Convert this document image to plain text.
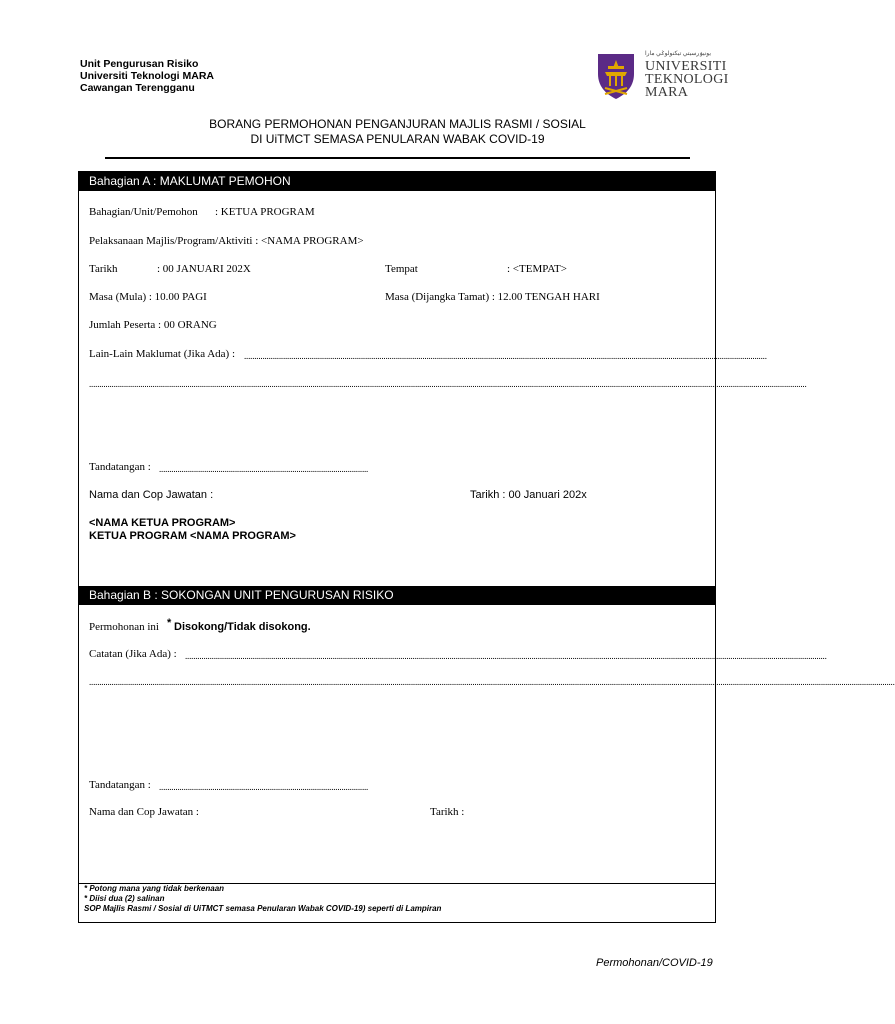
Unit Pengurusan Risiko
Universiti Teknologi MARA
Cawangan Terengganu
يونيۏرسيتي تيكنولوݢي مارا
UNIVERSITI
TEKNOLOGI
MARA
BORANG PERMOHONAN PENGANJURAN MAJLIS RASMI / SOSIAL
DI UiTMCT SEMASA PENULARAN WABAK COVID-19
Bahagian A : MAKLUMAT PEMOHON
Bahagian/Unit/Pemohon : KETUA PROGRAM
Pelaksanaan Majlis/Program/Aktiviti : <NAMA PROGRAM>
Tarikh	: 00 JANUARI 202X	Tempat	: <TEMPAT>
Masa (Mula) : 10.00 PAGI	Masa (Dijangka Tamat) : 12.00 TENGAH HARI
Jumlah Peserta : 00 ORANG
Lain-Lain Maklumat (Jika Ada) : ...............................................................................................................................................................................................................................................................
..............................................................................................................................................................................................................................................................................................................................................................
Tandatangan : ......................................................................................................
Nama dan Cop Jawatan :	Tarikh : 00 Januari 202x
<NAMA KETUA PROGRAM>
KETUA PROGRAM <NAMA PROGRAM>
Bahagian B : SOKONGAN UNIT PENGURUSAN RISIKO
Permohonan ini * Disokong/Tidak disokong.
Catatan (Jika Ada) : .........................................................................................................................................................................................................................................................................................................................
.........................................................................................................................................................................................................................................................................................................................................................................................................
Tandatangan : ......................................................................................................
Nama dan Cop Jawatan :	Tarikh :
* Potong mana yang tidak berkenaan
* Diisi dua (2) salinan
SOP Majlis Rasmi / Sosial di UiTMCT semasa Penularan Wabak COVID-19) seperti di Lampiran
Permohonan/COVID-19
